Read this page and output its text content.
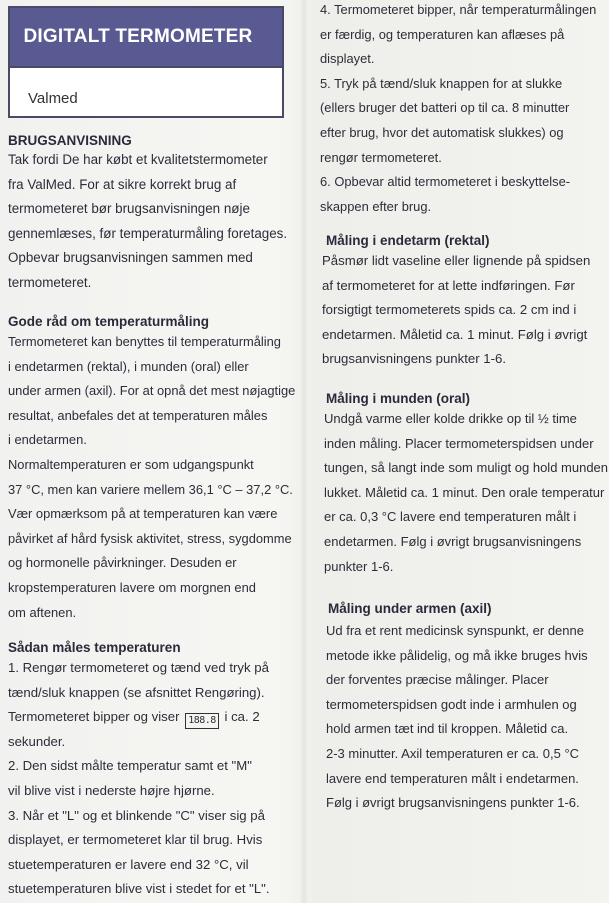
DIGITALT TERMOMETER
Valmed
BRUGSANVISNING
Tak fordi De har købt et kvalitetstermometer
fra ValMed. For at sikre korrekt brug af
termometeret bør brugsanvisningen nøje
gennemlæses, før temperaturmåling foretages.
Opbevar brugsanvisningen sammen med
termometeret.
Gode råd om temperaturmåling
Termometeret kan benyttes til temperaturmåling
i endetarmen (rektal), i munden (oral) eller
under armen (axil). For at opnå det mest nøjagtige
resultat, anbefales det at temperaturen måles
i endetarmen.
Normaltemperaturen er som udgangspunkt
37 °C, men kan variere mellem 36,1 °C – 37,2 °C.
Vær opmærksom på at temperaturen kan være
påvirket af hård fysisk aktivitet, stress, sygdomme
og hormonelle påvirkninger. Desuden er
kropstemperaturen lavere om morgnen end
om aftenen.
Sådan måles temperaturen
1. Rengør termometeret og tænd ved tryk på
tænd/sluk knappen (se afsnittet Rengøring).
Termometeret bipper og viser 188.8 i ca. 2
sekunder.
2. Den sidst målte temperatur samt et "M"
vil blive vist i nederste højre hjørne.
3. Når et "L" og et blinkende "C" viser sig på
displayet, er termometeret klar til brug. Hvis
stuetemperaturen er lavere end 32 °C, vil
stuetemperaturen blive vist i stedet for et "L".
4. Termometeret bipper, når temperaturmålingen
er færdig, og temperaturen kan aflæses på
displayet.
5. Tryk på tænd/sluk knappen for at slukke
(ellers bruger det batteri op til ca. 8 minutter
efter brug, hvor det automatisk slukkes) og
rengør termometeret.
6. Opbevar altid termometeret i beskyttelse-
skappen efter brug.
Måling i endetarm (rektal)
Påsmør lidt vaseline eller lignende på spidsen
af termometeret for at lette indføringen. Før
forsigtigt termometerets spids ca. 2 cm ind i
endetarmen. Måletid ca. 1 minut. Følg i øvrigt
brugsanvisningens punkter 1-6.
Måling i munden (oral)
Undgå varme eller kolde drikke op til ½ time
inden måling. Placer termometerspidsen under
tungen, så langt inde som muligt og hold munden
lukket. Måletid ca. 1 minut. Den orale temperatur
er ca. 0,3 °C lavere end temperaturen målt i
endetarmen. Følg i øvrigt brugsanvisningens
punkter 1-6.
Måling under armen (axil)
Ud fra et rent medicinsk synspunkt, er denne
metode ikke pålidelig, og må ikke bruges hvis
der forventes præcise målinger. Placer
termometerspidsen godt inde i armhulen og
hold armen tæt ind til kroppen. Måletid ca.
2-3 minutter. Axil temperaturen er ca. 0,5 °C
lavere end temperaturen målt i endetarmen.
Følg i øvrigt brugsanvisningens punkter 1-6.
